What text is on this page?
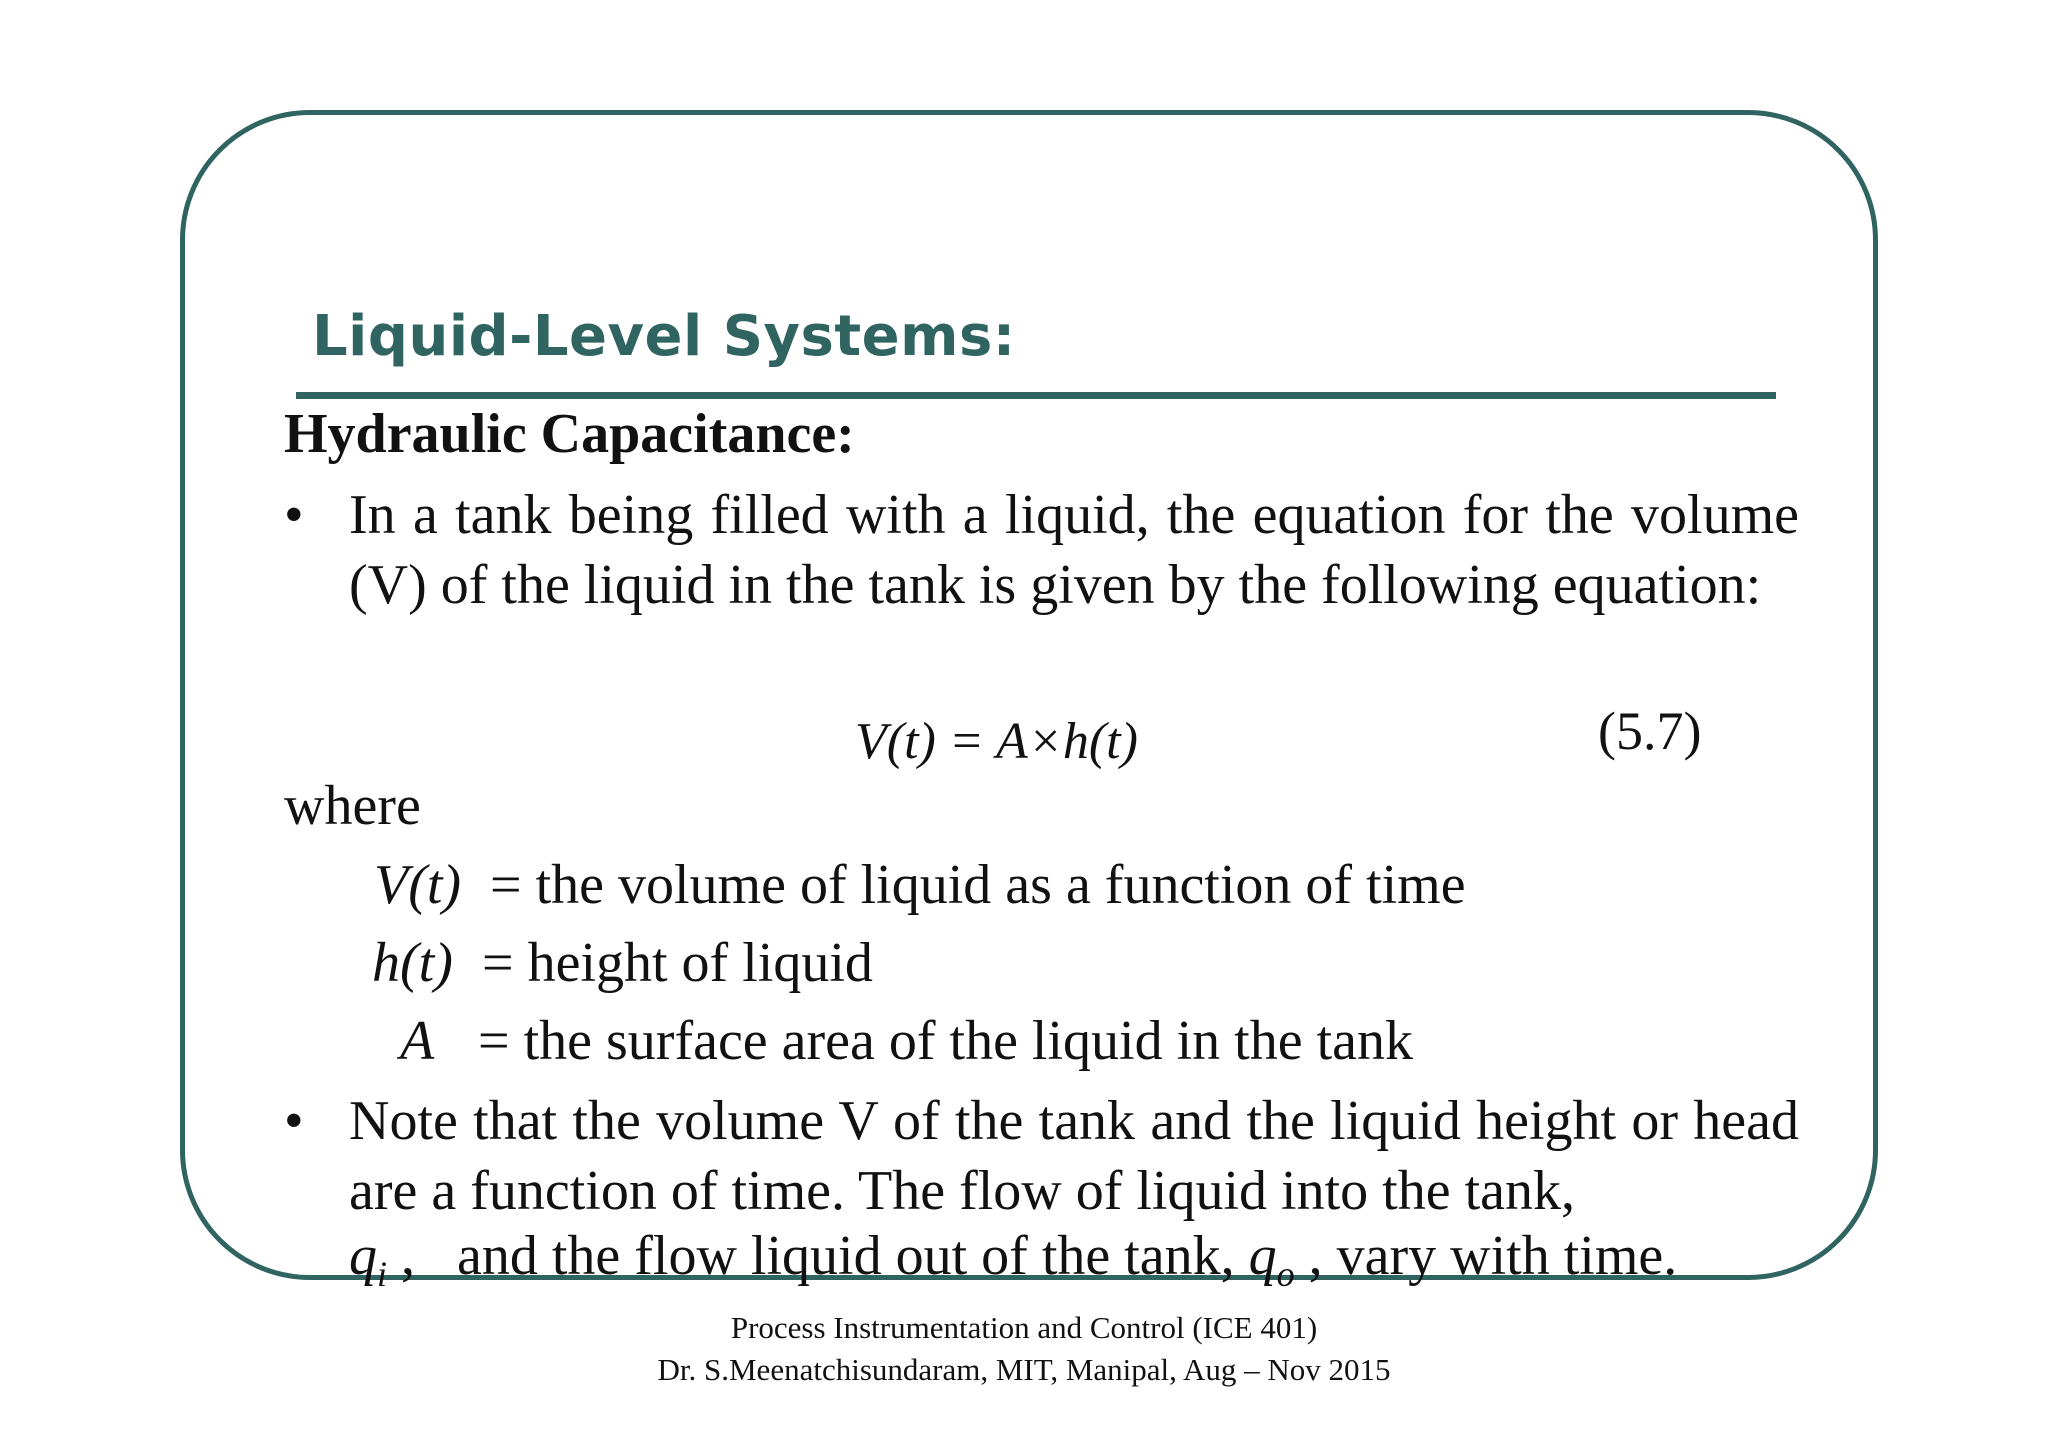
Liquid-Level Systems:
Hydraulic Capacitance:
• In a tank being filled with a liquid, the equation for the volume (V) of the liquid in the tank is given by the following equation:
V(t) = A×h(t)	(5.7)
where
V(t) = the volume of liquid as a function of time
h(t) = height of liquid
A = the surface area of the liquid in the tank
• Note that the volume V of the tank and the liquid height or head are a function of time. The flow of liquid into the tank,
$q_i$ ,   and the flow liquid out of the tank, $q_o$ , vary with time.
Process Instrumentation and Control (ICE 401)
Dr. S.Meenatchisundaram, MIT, Manipal, Aug – Nov 2015
